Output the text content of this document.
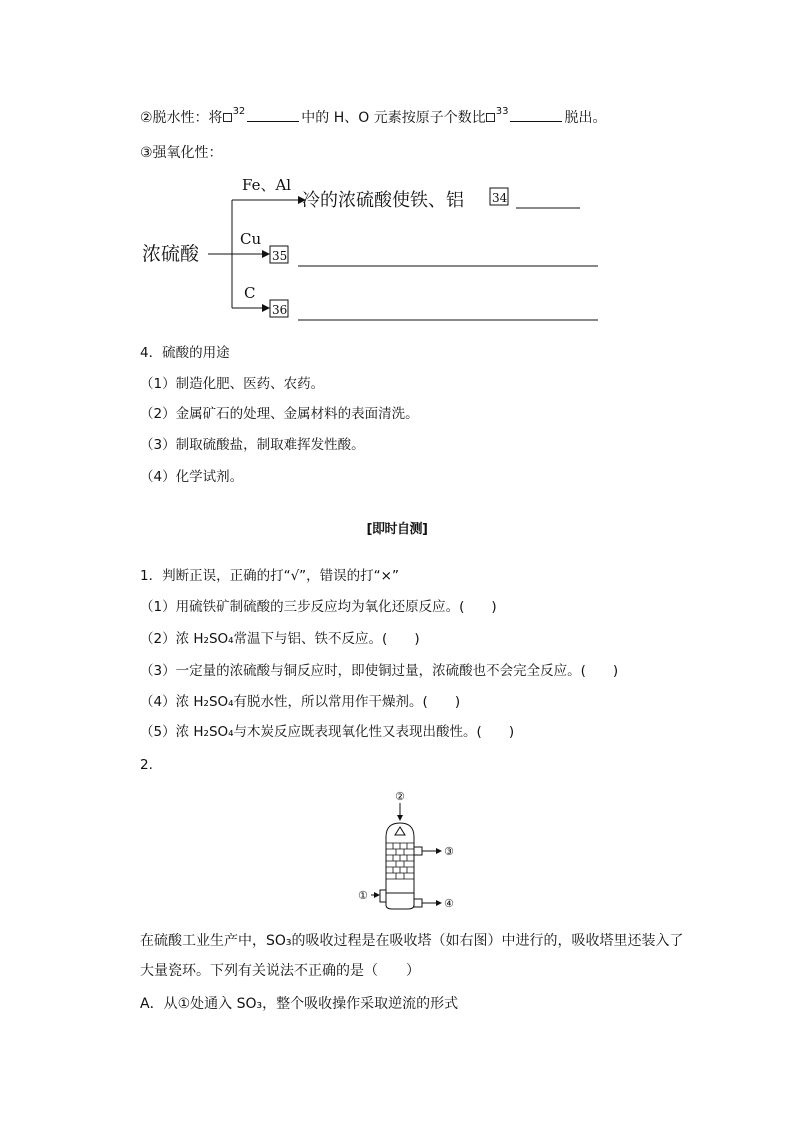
②脱水性：将 $^{32}$	中的 H、O 元素按原子个数比 $^{33}$	脱出。
③强氧化性：
浓硫酸
Fe、Al
冷的浓硫酸使铁、铝 34
Cu
35
C
36
4．硫酸的用途
（1）制造化肥、医药、农药。
（2）金属矿石的处理、金属材料的表面清洗。
（3）制取硫酸盐，制取难挥发性酸。
（4）化学试剂。
[即时自测]
1．判断正误，正确的打“√”，错误的打“×”
（1）用硫铁矿制硫酸的三步反应均为氧化还原反应。(　　)
（2）浓 H₂SO₄常温下与铝、铁不反应。(　　)
（3）一定量的浓硫酸与铜反应时，即使铜过量，浓硫酸也不会完全反应。(　　)
（4）浓 H₂SO₄有脱水性，所以常用作干燥剂。(　　)
（5）浓 H₂SO₄与木炭反应既表现氧化性又表现出酸性。(　　)
2.
②
③
①
④
在硫酸工业生产中，SO₃的吸收过程是在吸收塔（如右图）中进行的，吸收塔里还装入了
大量瓷环。下列有关说法不正确的是（　　）
A．从①处通入 SO₃，整个吸收操作采取逆流的形式
